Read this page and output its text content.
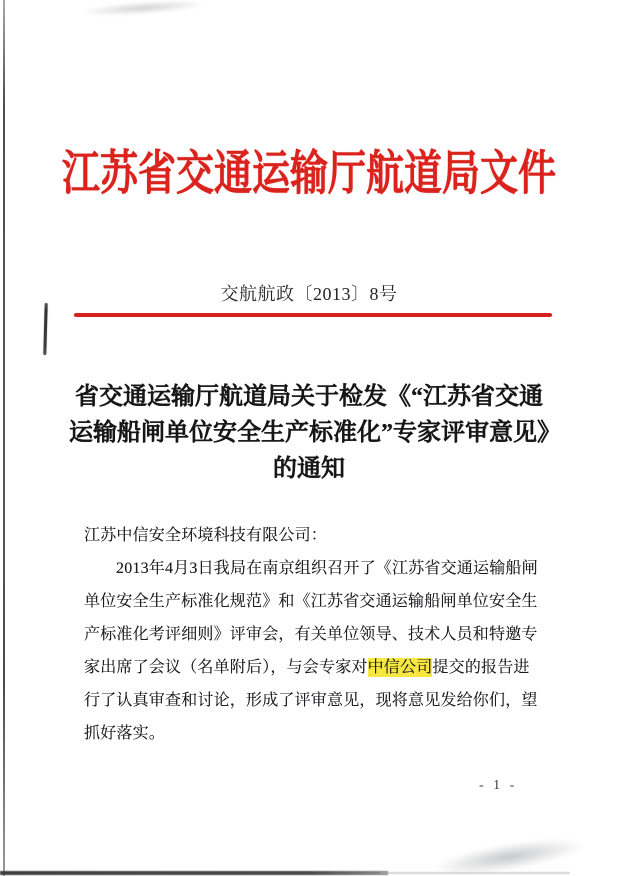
江苏省交通运输厅航道局文件
交航航政〔2013〕8号
省交通运输厅航道局关于检发《“江苏省交通
运输船闸单位安全生产标准化”专家评审意见》
的通知
江苏中信安全环境科技有限公司：
2013年4月3日我局在南京组织召开了《江苏省交通运输船闸
单位安全生产标准化规范》和《江苏省交通运输船闸单位安全生
产标准化考评细则》评审会，有关单位领导、技术人员和特邀专
家出席了会议（名单附后），与会专家对中信公司提交的报告进
行了认真审查和讨论，形成了评审意见，现将意见发给你们，望
抓好落实。
- 1 -
